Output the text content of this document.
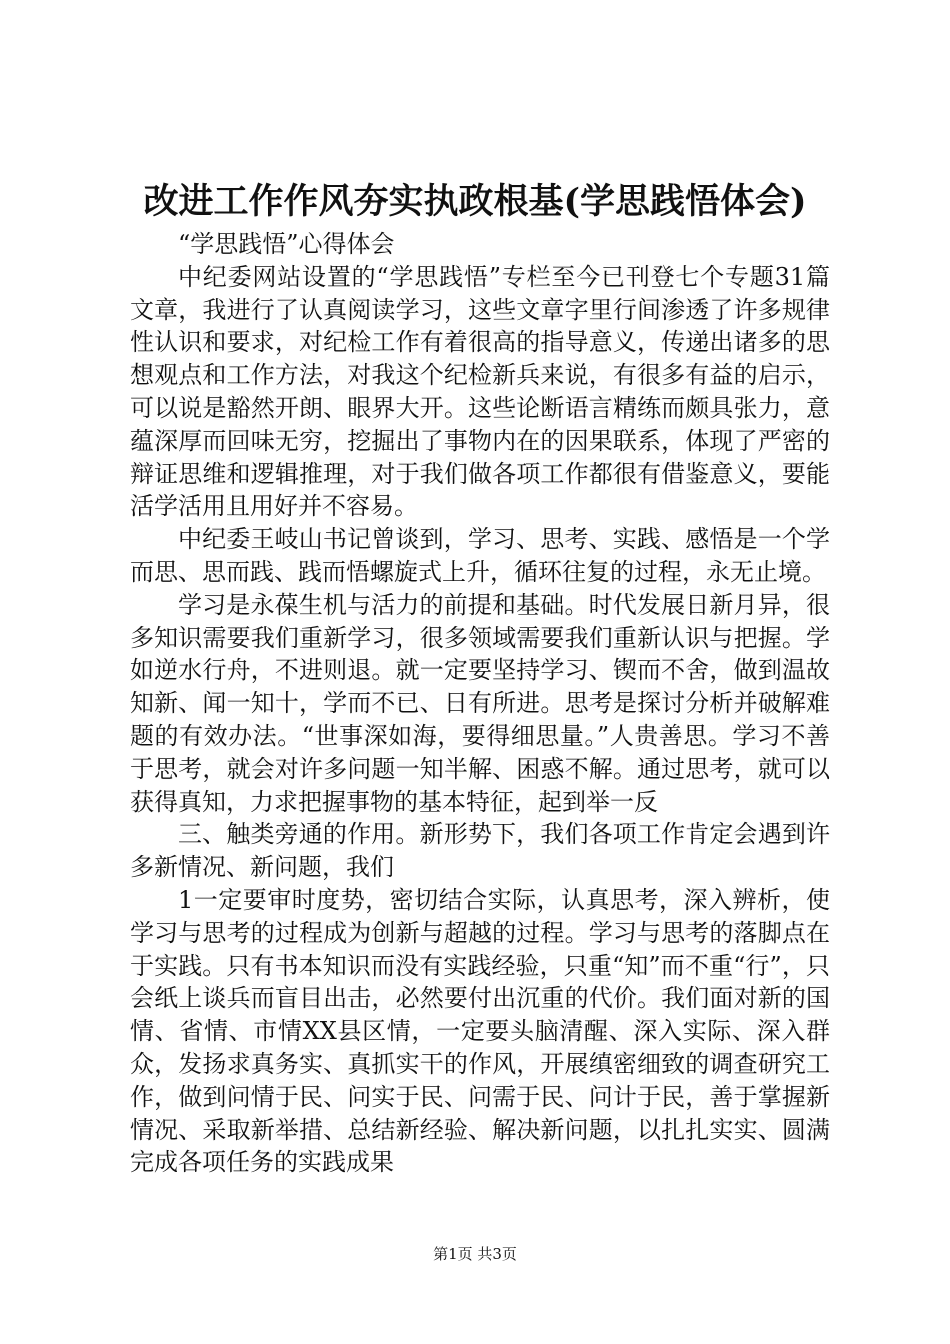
改进工作作风夯实执政根基(学思践悟体会)

“学思践悟”心得体会

中纪委网站设置的“学思践悟”专栏至今已刊登七个专题31篇文章，我进行了认真阅读学习，这些文章字里行间渗透了许多规律性认识和要求，对纪检工作有着很高的指导意义，传递出诸多的思想观点和工作方法，对我这个纪检新兵来说，有很多有益的启示，可以说是豁然开朗、眼界大开。这些论断语言精练而颇具张力，意蕴深厚而回味无穷，挖掘出了事物内在的因果联系，体现了严密的辩证思维和逻辑推理，对于我们做各项工作都很有借鉴意义，要能活学活用且用好并不容易。

中纪委王岐山书记曾谈到，学习、思考、实践、感悟是一个学而思、思而践、践而悟螺旋式上升，循环往复的过程，永无止境。

学习是永葆生机与活力的前提和基础。时代发展日新月异，很多知识需要我们重新学习，很多领域需要我们重新认识与把握。学如逆水行舟，不进则退。就一定要坚持学习、锲而不舍，做到温故知新、闻一知十，学而不已、日有所进。思考是探讨分析并破解难题的有效办法。“世事深如海，要得细思量。”人贵善思。学习不善于思考，就会对许多问题一知半解、困惑不解。通过思考，就可以获得真知，力求把握事物的基本特征，起到举一反

三、触类旁通的作用。新形势下，我们各项工作肯定会遇到许多新情况、新问题，我们

1一定要审时度势，密切结合实际，认真思考，深入辨析，使学习与思考的过程成为创新与超越的过程。学习与思考的落脚点在于实践。只有书本知识而没有实践经验，只重“知”而不重“行”，只会纸上谈兵而盲目出击，必然要付出沉重的代价。我们面对新的国情、省情、市情XX县区情，一定要头脑清醒、深入实际、深入群众，发扬求真务实、真抓实干的作风，开展缜密细致的调查研究工作，做到问情于民、问实于民、问需于民、问计于民，善于掌握新情况、采取新举措、总结新经验、解决新问题，以扎扎实实、圆满完成各项任务的实践成果

第1页 共3页
